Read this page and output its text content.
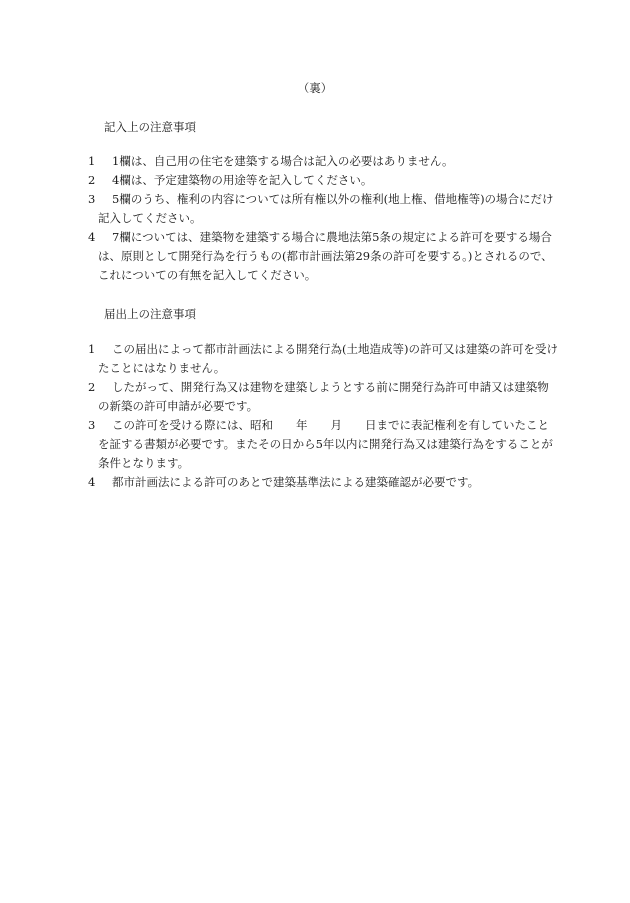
（裏）
記入上の注意事項
1	1欄は、自己用の住宅を建築する場合は記入の必要はありません。
2	4欄は、予定建築物の用途等を記入してください。
3	5欄のうち、権利の内容については所有権以外の権利(地上権、借地権等)の場合にだけ記入してください。
4	7欄については、建築物を建築する場合に農地法第5条の規定による許可を要する場合は、原則として開発行為を行うもの(都市計画法第29条の許可を要する。)とされるので、これについての有無を記入してください。
届出上の注意事項
1	この届出によって都市計画法による開発行為(土地造成等)の許可又は建築の許可を受けたことにはなりません。
2	したがって、開発行為又は建物を建築しようとする前に開発行為許可申請又は建築物の新築の許可申請が必要です。
3	この許可を受ける際には、昭和　　年　　月　　日までに表記権利を有していたことを証する書類が必要です。またその日から5年以内に開発行為又は建築行為をすることが条件となります。
4	都市計画法による許可のあとで建築基準法による建築確認が必要です。
